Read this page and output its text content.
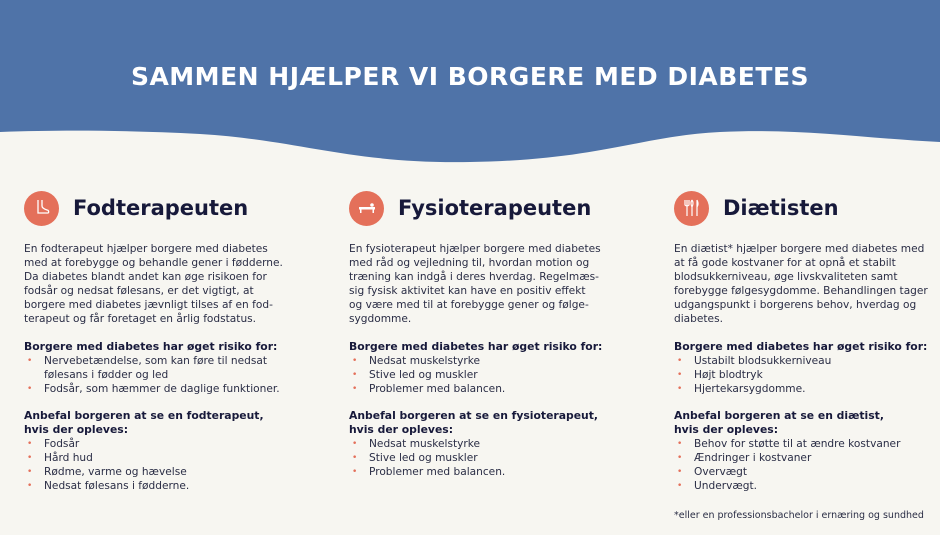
SAMMEN HJÆLPER VI BORGERE MED DIABETES
Fodterapeuten
En fodterapeut hjælper borgere med diabetes
med at forebygge og behandle gener i fødderne.
Da diabetes blandt andet kan øge risikoen for
fodsår og nedsat følesans, er det vigtigt, at
borgere med diabetes jævnligt tilses af en fod-
terapeut og får foretaget en årlig fodstatus.
Borgere med diabetes har øget risiko for:
• Nervebetændelse, som kan føre til nedsat
følesans i fødder og led
• Fodsår, som hæmmer de daglige funktioner.
Anbefal borgeren at se en fodterapeut,
hvis der opleves:
• Fodsår
• Hård hud
• Rødme, varme og hævelse
• Nedsat følesans i fødderne.
Fysioterapeuten
En fysioterapeut hjælper borgere med diabetes
med råd og vejledning til, hvordan motion og
træning kan indgå i deres hverdag. Regelmæs-
sig fysisk aktivitet kan have en positiv effekt
og være med til at forebygge gener og følge-
sygdomme.
Borgere med diabetes har øget risiko for:
• Nedsat muskelstyrke
• Stive led og muskler
• Problemer med balancen.
Anbefal borgeren at se en fysioterapeut,
hvis der opleves:
• Nedsat muskelstyrke
• Stive led og muskler
• Problemer med balancen.
Diætisten
En diætist* hjælper borgere med diabetes med
at få gode kostvaner for at opnå et stabilt
blodsukkerniveau, øge livskvaliteten samt
forebygge følgesygdomme. Behandlingen tager
udgangspunkt i borgerens behov, hverdag og
diabetes.
Borgere med diabetes har øget risiko for:
• Ustabilt blodsukkerniveau
• Højt blodtryk
• Hjertekarsygdomme.
Anbefal borgeren at se en diætist,
hvis der opleves:
• Behov for støtte til at ændre kostvaner
• Ændringer i kostvaner
• Overvægt
• Undervægt.
*eller en professionsbachelor i ernæring og sundhed
